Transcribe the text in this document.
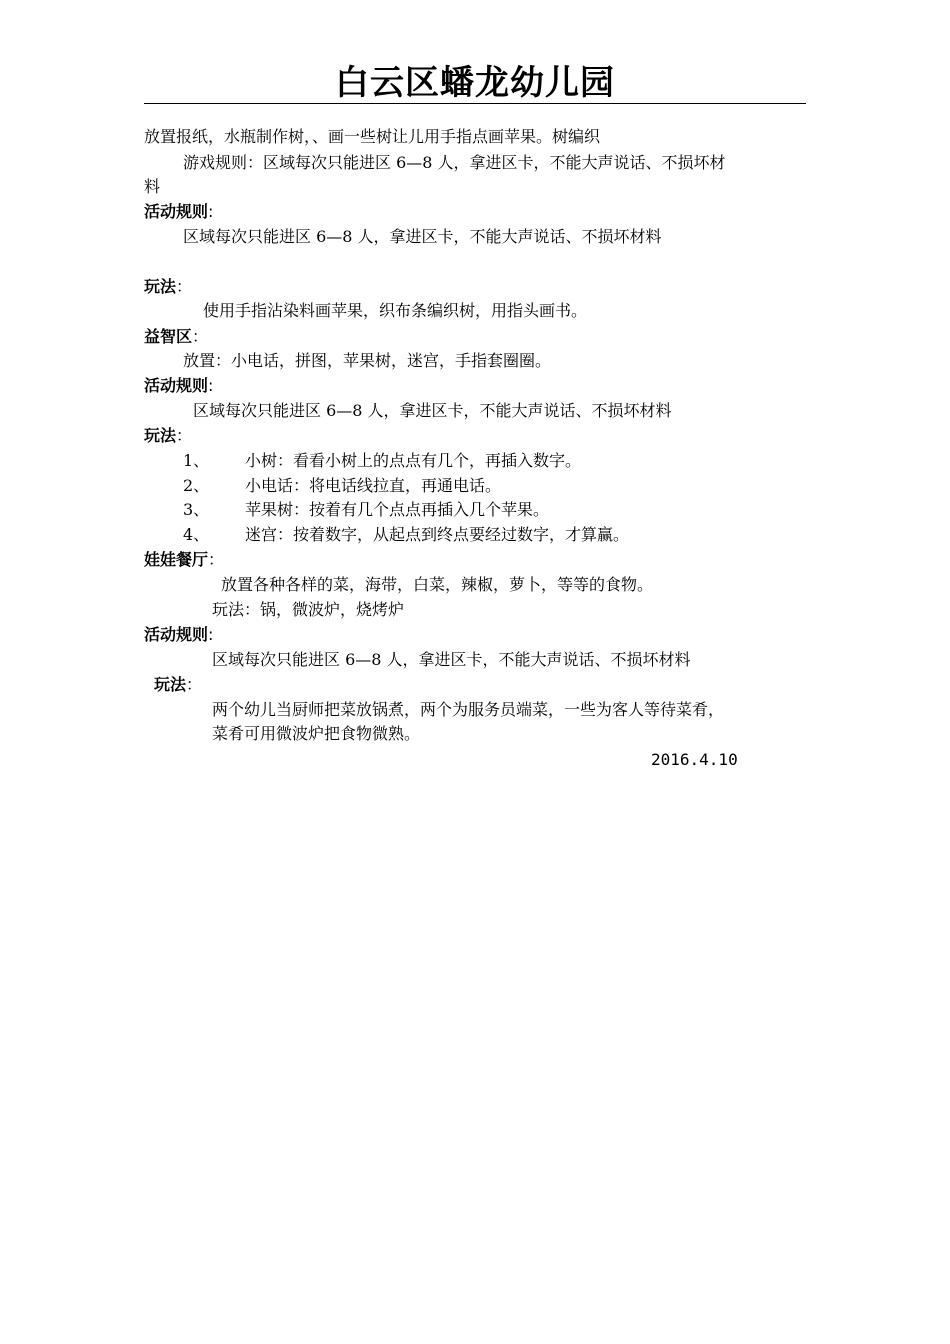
白云区蟠龙幼儿园
放置报纸，水瓶制作树，、画一些树让儿用手指点画苹果。树编织
游戏规则：区域每次只能进区 6—8 人，拿进区卡，不能大声说话、不损坏材
料
活动规则:
区域每次只能进区 6—8 人，拿进区卡，不能大声说话、不损坏材料
玩法：
使用手指沾染料画苹果，织布条编织树，用指头画书。
益智区：
放置：小电话，拼图，苹果树，迷宫，手指套圈圈。
活动规则:
区域每次只能进区 6—8 人，拿进区卡，不能大声说话、不损坏材料
玩法：
1、 小树：看看小树上的点点有几个，再插入数字。
2、 小电话：将电话线拉直，再通电话。
3、 苹果树：按着有几个点点再插入几个苹果。
4、 迷宫：按着数字，从起点到终点要经过数字，才算赢。
娃娃餐厅：
放置各种各样的菜，海带，白菜，辣椒，萝卜，等等的食物。
玩法：锅，微波炉，烧烤炉
活动规则:
区域每次只能进区 6—8 人，拿进区卡，不能大声说话、不损坏材料
玩法：
两个幼儿当厨师把菜放锅煮，两个为服务员端菜，一些为客人等待菜肴，
菜肴可用微波炉把食物微熟。
2016.4.10
